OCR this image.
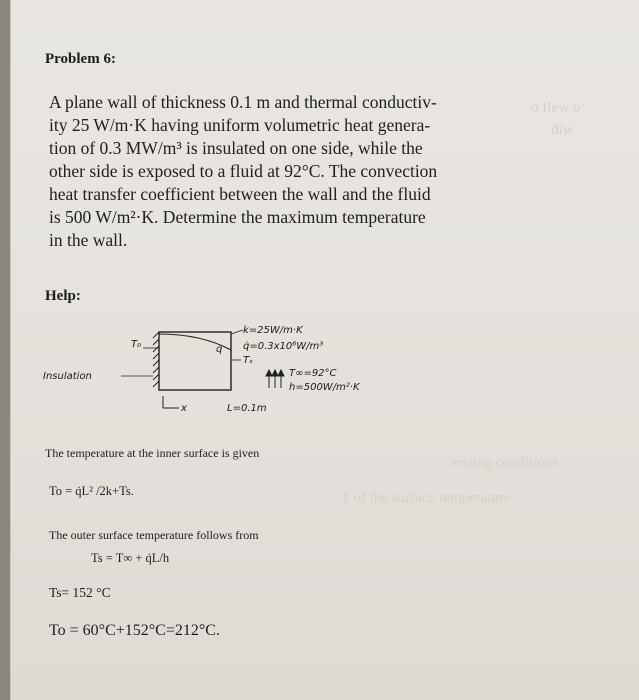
o Ilew oʻ
diw
ersting conditions
T of the surface temperature
Problem 6:
A plane wall of thickness 0.1 m and thermal conductiv-
ity 25 W/m·K having uniform volumetric heat genera-
tion of 0.3 MW/m³ is insulated on one side, while the
other side is exposed to a fluid at 92°C. The convection
heat transfer coefficient between the wall and the fluid
is 500 W/m²·K. Determine the maximum temperature
in the wall.
Help:
T₀
Insulation
k=25W/m·K
q̇=0.3x10⁶W/m³
q̇
Tₛ
T∞=92°C
h=500W/m²·K
x	L=0.1m
The temperature at the inner surface is given
To = q̇L² /2k+Ts.
The outer surface temperature follows from
Ts = T∞ + q̇L/h
Ts= 152 °C
To = 60°C+152°C=212°C.
